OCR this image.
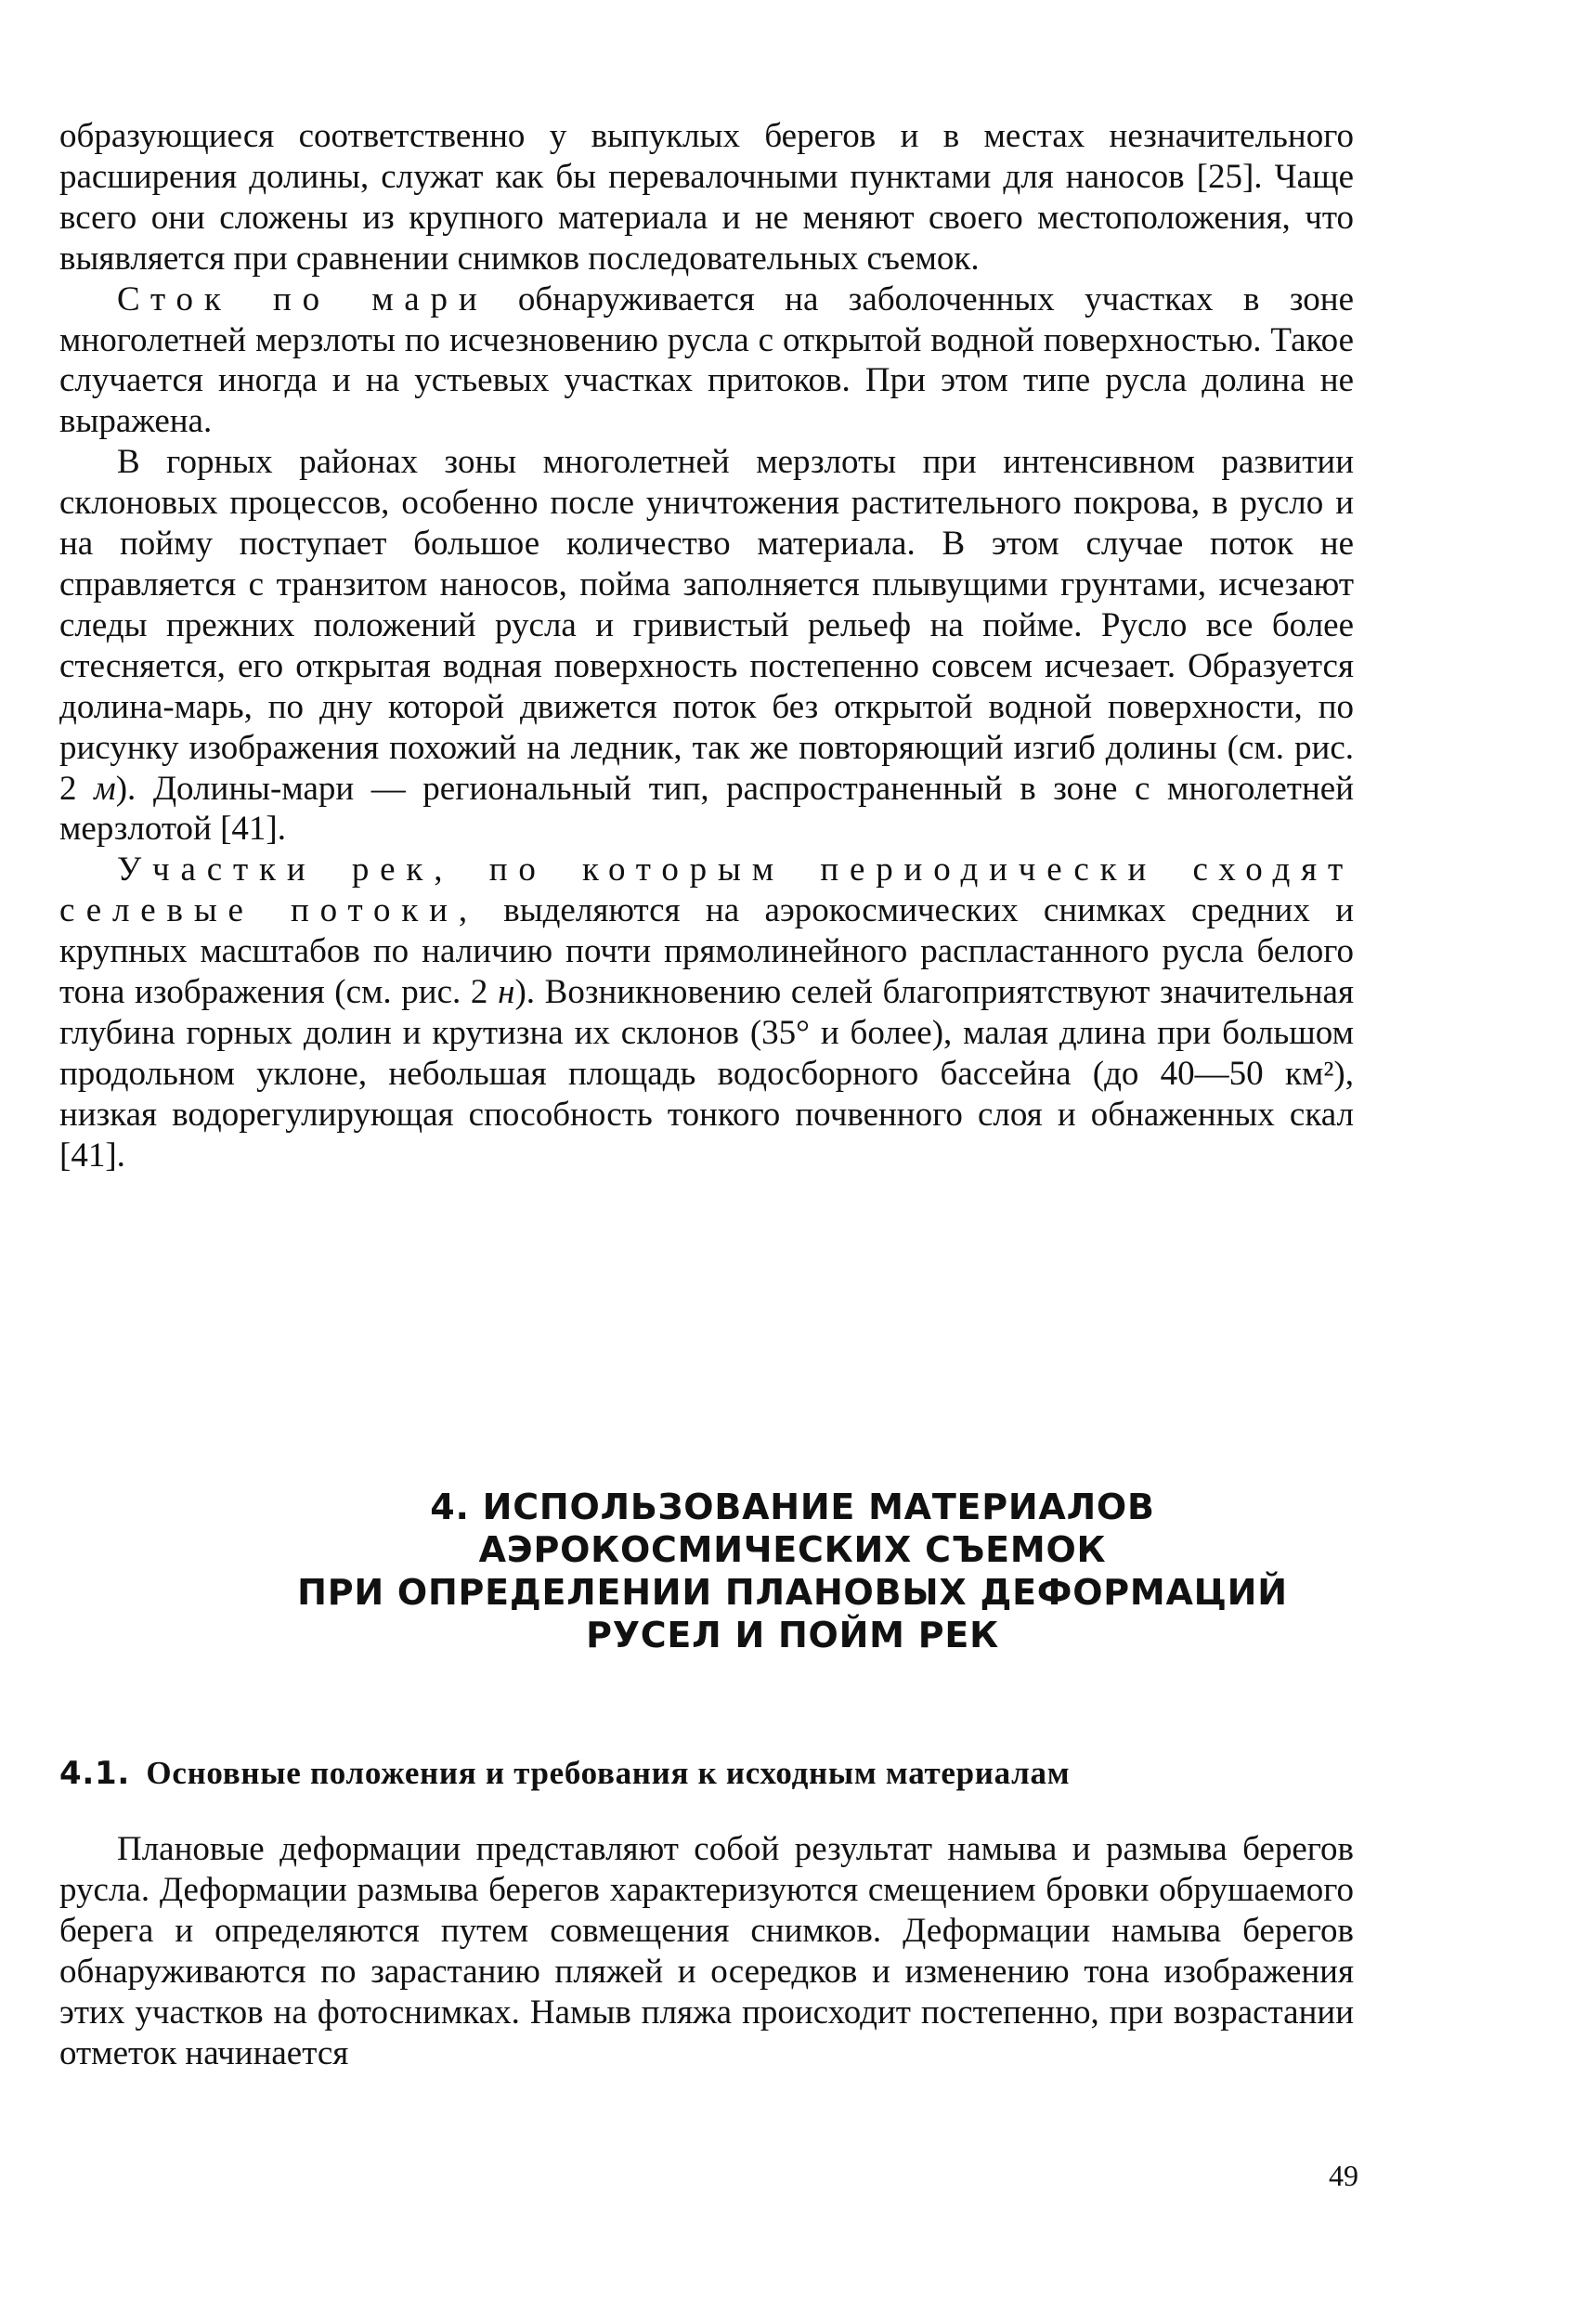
образующиеся соответственно у выпуклых берегов и в местах незначительного расширения долины, служат как бы перевалочными пунктами для наносов [25]. Чаще всего они сложены из крупного материала и не меняют своего местоположения, что выявляется при сравнении снимков последовательных съемок.

Сток по мари обнаруживается на заболоченных участках в зоне многолетней мерзлоты по исчезновению русла с открытой водной поверхностью. Такое случается иногда и на устьевых участках притоков. При этом типе русла долина не выражена.

В горных районах зоны многолетней мерзлоты при интенсивном развитии склоновых процессов, особенно после уничтожения растительного покрова, в русло и на пойму поступает большое количество материала. В этом случае поток не справляется с транзитом наносов, пойма заполняется плывущими грунтами, исчезают следы прежних положений русла и гривистый рельеф на пойме. Русло все более стесняется, его открытая водная поверхность постепенно совсем исчезает. Образуется долина-марь, по дну которой движется поток без открытой водной поверхности, по рисунку изображения похожий на ледник, так же повторяющий изгиб долины (см. рис. 2 м). Долины-мари — региональный тип, распространенный в зоне с многолетней мерзлотой [41].

Участки рек, по которым периодически сходят селевые потоки, выделяются на аэрокосмических снимках средних и крупных масштабов по наличию почти прямолинейного распластанного русла белого тона изображения (см. рис. 2 н). Возникновению селей благоприятствуют значительная глубина горных долин и крутизна их склонов (35° и более), малая длина при большом продольном уклоне, небольшая площадь водосборного бассейна (до 40—50 км²), низкая водорегулирующая способность тонкого почвенного слоя и обнаженных скал [41].

4. ИСПОЛЬЗОВАНИЕ МАТЕРИАЛОВ
АЭРОКОСМИЧЕСКИХ СЪЕМОК
ПРИ ОПРЕДЕЛЕНИИ ПЛАНОВЫХ ДЕФОРМАЦИЙ
РУСЕЛ И ПОЙМ РЕК
4.1. Основные положения и требования к исходным материалам

Плановые деформации представляют собой результат намыва и размыва берегов русла. Деформации размыва берегов характеризуются смещением бровки обрушаемого берега и определяются путем совмещения снимков. Деформации намыва берегов обнаруживаются по зарастанию пляжей и осередков и изменению тона изображения этих участков на фотоснимках. Намыв пляжа происходит постепенно, при возрастании отметок начинается

49
